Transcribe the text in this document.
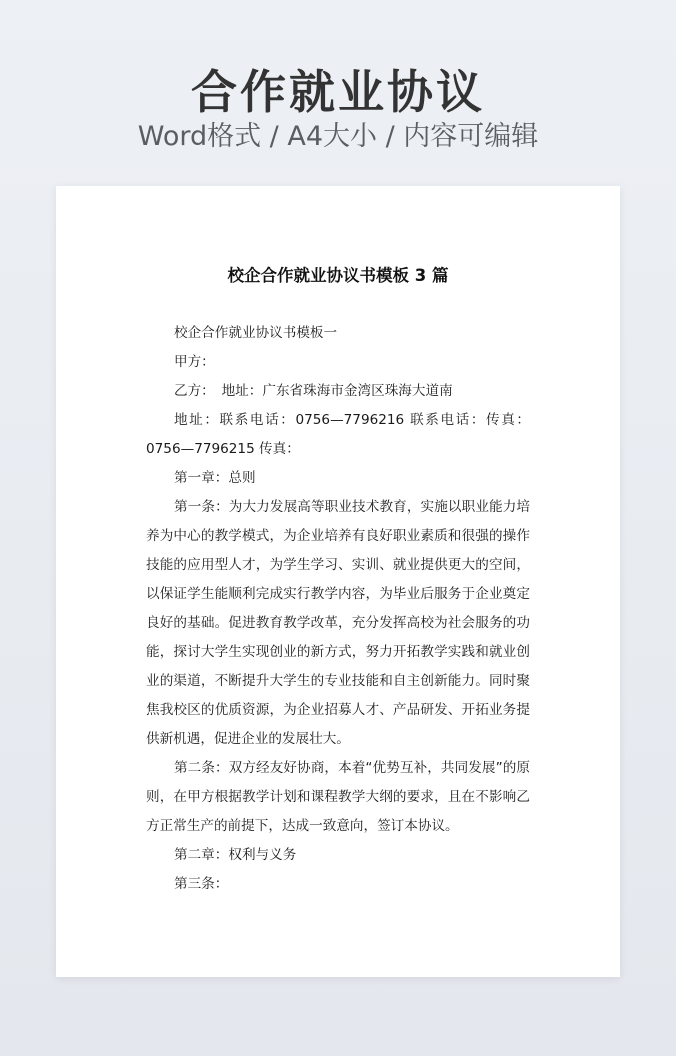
合作就业协议
Word格式 / A4大小 / 内容可编辑
校企合作就业协议书模板 3 篇

校企合作就业协议书模板一

甲方：

乙方：　地址：广东省珠海市金湾区珠海大道南

地址：联系电话：0756—7796216 联系电话：传真：0756—7796215 传真：

第一章：总则

第一条：为大力发展高等职业技术教育，实施以职业能力培养为中心的教学模式，为企业培养有良好职业素质和很强的操作技能的应用型人才，为学生学习、实训、就业提供更大的空间，以保证学生能顺利完成实行教学内容，为毕业后服务于企业奠定良好的基础。促进教育教学改革，充分发挥高校为社会服务的功能，探讨大学生实现创业的新方式，努力开拓教学实践和就业创业的渠道，不断提升大学生的专业技能和自主创新能力。同时聚焦我校区的优质资源，为企业招募人才、产品研发、开拓业务提供新机遇，促进企业的发展壮大。

第二条：双方经友好协商，本着“优势互补，共同发展”的原则，在甲方根据教学计划和课程教学大纲的要求，且在不影响乙方正常生产的前提下，达成一致意向，签订本协议。

第二章：权利与义务

第三条：
